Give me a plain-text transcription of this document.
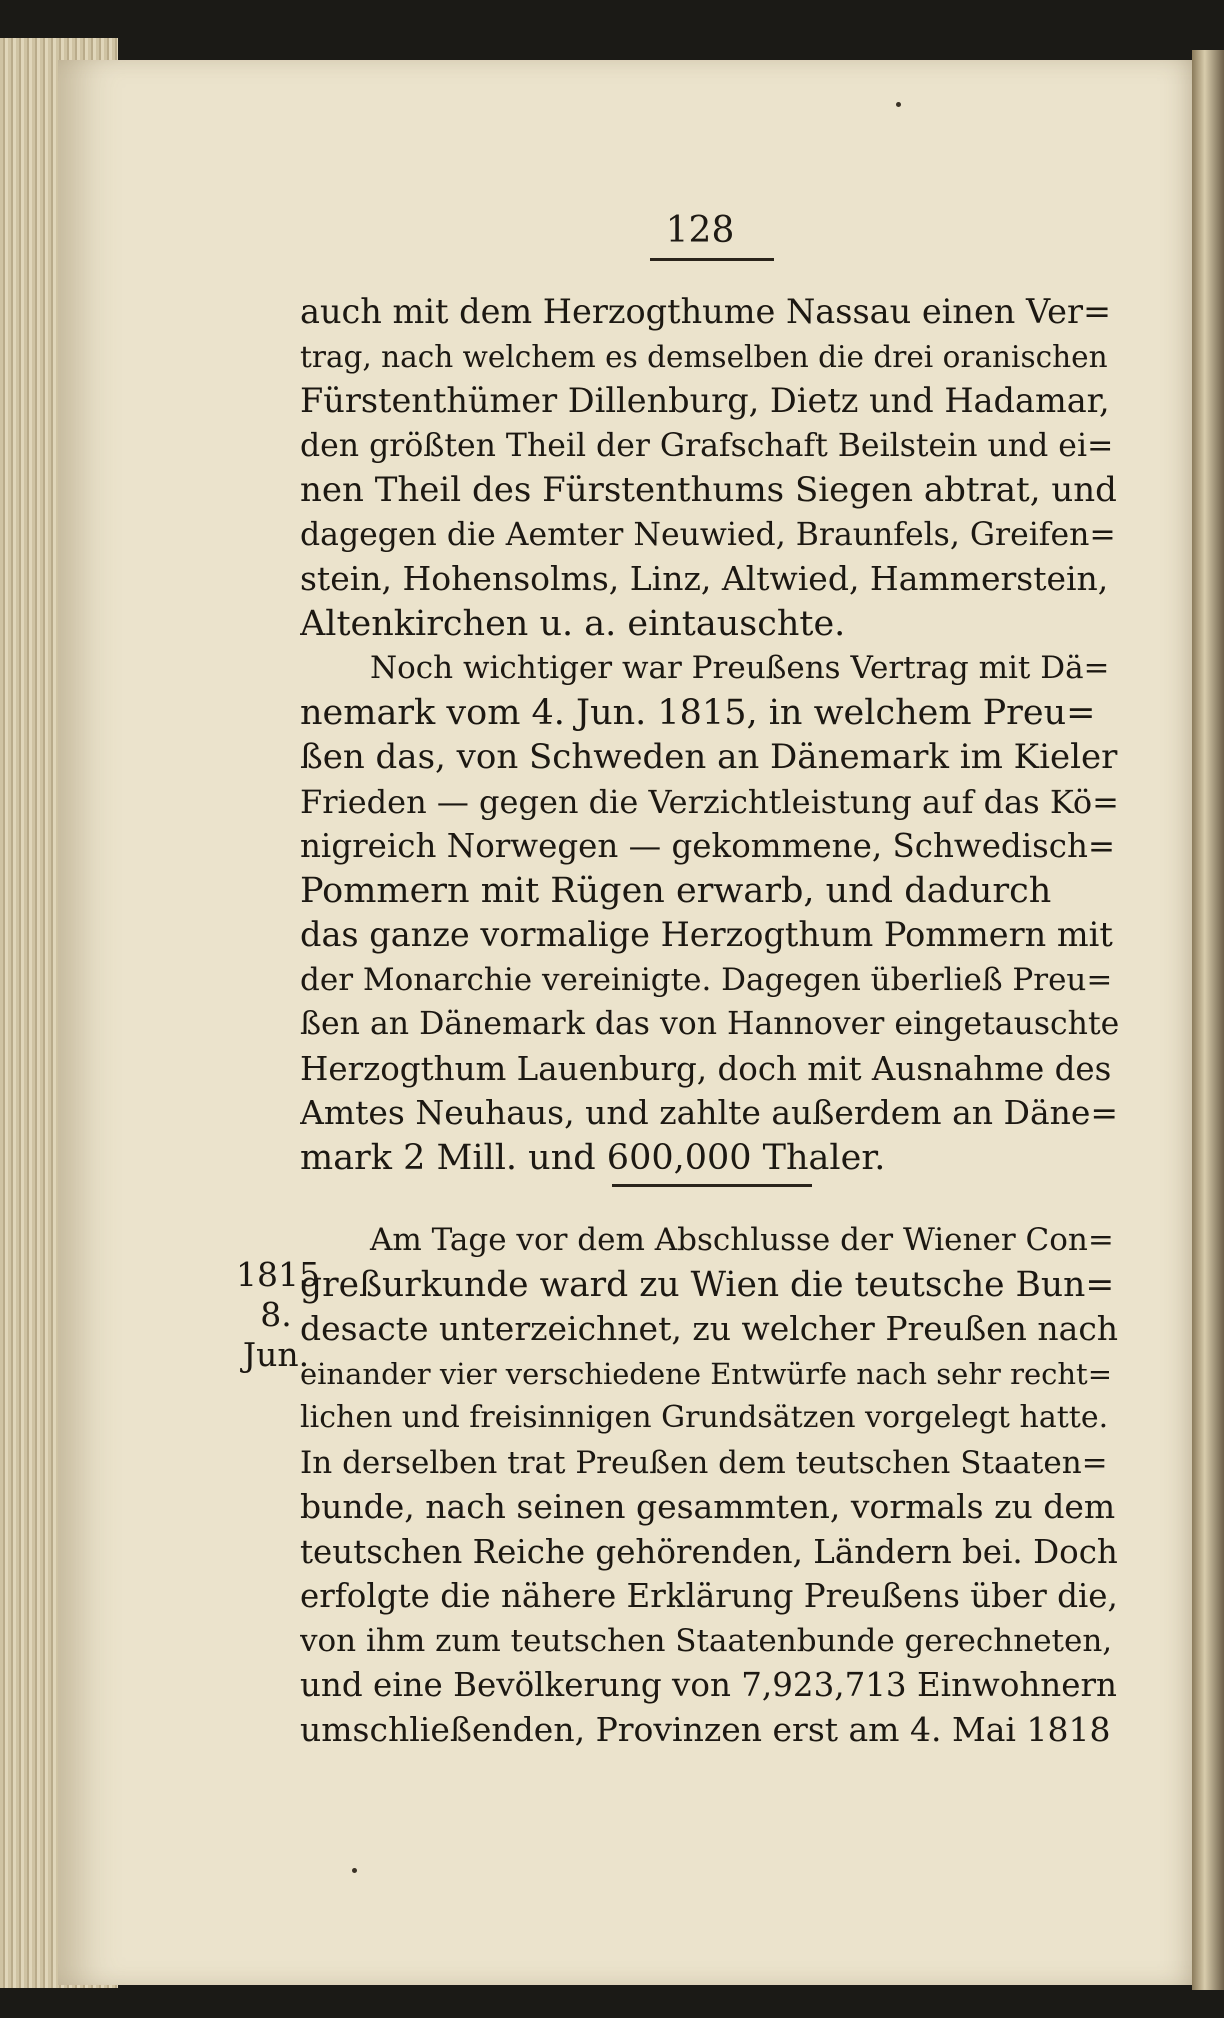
128
auch mit dem Herzogthume Nassau einen Ver=
trag, nach welchem es demselben die drei oranischen
Fürstenthümer Dillenburg, Dietz und Hadamar,
den größten Theil der Grafschaft Beilstein und ei=
nen Theil des Fürstenthums Siegen abtrat, und
dagegen die Aemter Neuwied, Braunfels, Greifen=
stein, Hohensolms, Linz, Altwied, Hammerstein,
Altenkirchen u. a. eintauschte.
Noch wichtiger war Preußens Vertrag mit Dä=
nemark vom 4. Jun. 1815, in welchem Preu=
ßen das, von Schweden an Dänemark im Kieler
Frieden — gegen die Verzichtleistung auf das Kö=
nigreich Norwegen — gekommene, Schwedisch=
Pommern mit Rügen erwarb, und dadurch
das ganze vormalige Herzogthum Pommern mit
der Monarchie vereinigte. Dagegen überließ Preu=
ßen an Dänemark das von Hannover eingetauschte
Herzogthum Lauenburg, doch mit Ausnahme des
Amtes Neuhaus, und zahlte außerdem an Däne=
mark 2 Mill. und 600,000 Thaler.
1815
8.
Jun.
Am Tage vor dem Abschlusse der Wiener Con=
greßurkunde ward zu Wien die teutsche Bun=
desacte unterzeichnet, zu welcher Preußen nach
einander vier verschiedene Entwürfe nach sehr recht=
lichen und freisinnigen Grundsätzen vorgelegt hatte.
In derselben trat Preußen dem teutschen Staaten=
bunde, nach seinen gesammten, vormals zu dem
teutschen Reiche gehörenden, Ländern bei. Doch
erfolgte die nähere Erklärung Preußens über die,
von ihm zum teutschen Staatenbunde gerechneten,
und eine Bevölkerung von 7,923,713 Einwohnern
umschließenden, Provinzen erst am 4. Mai 1818
